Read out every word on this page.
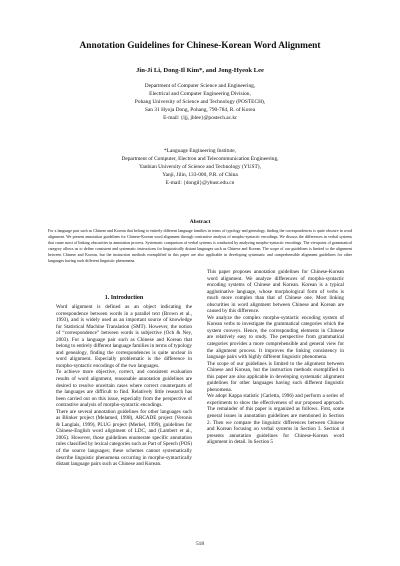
Annotation Guidelines for Chinese-Korean Word Alignment
Jin-Ji Li, Dong-Il Kim*, and Jong-Hyeok Lee
Department of Computer Science and Engineering,
Electrical and Computer Engineering Division,
Pohang University of Science and Technology (POSTECH),
San 31 Hyoja Dong, Pohang, 790-784, R. of Korea
E-mail: {ljj, jhlee}@postech.ac.kr
*Language Engineering Institute,
Department of Computer, Electron and Telecommunication Engineering,
Yanbian University of Science and Technology (YUST),
Yanji, Jilin, 133-000, P.R. of China
E-mail: {dongil}@ybust.edu.cn
Abstract
For a language pair such as Chinese and Korean that belong to entirely different language families in terms of typology and genealogy, finding the correspondences is quite obscure in word alignment. We present annotation guidelines for Chinese-Korean word alignment through contrastive analysis of morpho-syntactic encodings. We discuss the differences in verbal systems that cause most of linking obscurities in annotation process. Systematic comparison of verbal systems is conducted by analyzing morpho-syntactic encodings. The viewpoint of grammatical category allows us to define consistent and systematic instructions for linguistically distant languages such as Chinese and Korean. The scope of our guidelines is limited to the alignment between Chinese and Korean, but the instruction methods exemplified in this paper are also applicable in developing systematic and comprehensible alignment guidelines for other languages having such different linguistic phenomena.
1. Introduction

Word alignment is defined as an object indicating the correspondence between words in a parallel text (Brown et al., 1993), and is widely used as an important source of knowledge for Statistical Machine Translation (SMT). However, the notion of “correspondence” between words is subjective (Och & Ney, 2003). For a language pair such as Chinese and Korean that belong to entirely different language families in terms of typology and genealogy, finding the correspondences is quite unclear in word alignment. Especially problematic is the difference in morpho-syntactic encodings of the two languages.

To achieve more objective, correct, and consistent evaluation results of word alignment, reasonable annotation guidelines are desired to resolve uncertain cases where correct counterparts of the languages are difficult to find. Relatively little research has been carried out on this issue, especially from the perspective of contrastive analysis of morpho-syntactic encodings.

There are several annotation guidelines for other languages such as Blinker project (Melamed, 1998), ARCADE project (Veronis & Langlais, 1999), PLUG project (Merkel, 1999), guidelines for Chinese-English word alignment of LDC, and (Lambert et al., 2005). However, those guidelines enumerate specific annotation rules classified by lexical categories such as Part of Speech (POS) of the source languages; these schemes cannot systematically describe linguistic phenomena occurring in morpho-syntactically distant language pairs such as Chinese and Korean.

This paper proposes annotation guidelines for Chinese-Korean word alignment. We analyze differences of morpho-syntactic encoding systems of Chinese and Korean. Korean is a typical agglutinative language, whose morphological form of verbs is much more complex than that of Chinese one. Most linking obscurities in word alignment between Chinese and Korean are caused by this difference.

We analyze the complex morpho-syntactic encoding system of Korean verbs to investigate the grammatical categories which the system conveys. Hence, the corresponding elements in Chinese are relatively easy to study. The perspective from grammatical categories provides a more comprehensible and general view for the alignment process. It improves the linking consistency in language pairs with highly different linguistic phenomena.

The scope of our guidelines is limited to the alignment between Chinese and Korean, but the instruction methods exemplified in this paper are also applicable in developing systematic alignment guidelines for other languages having such different linguistic phenomena.

We adopt Kappa statistic (Carletta, 1996) and perform a series of experiments to show the effectiveness of our proposed approach. The remainder of this paper is organized as follows. First, some general issues in annotation guidelines are mentioned in Section 2. Then we compare the linguistic differences between Chinese and Korean focusing on verbal systems in Section 3. Section 4 presents annotation guidelines for Chinese-Korean word alignment in detail. In Section 5

518
